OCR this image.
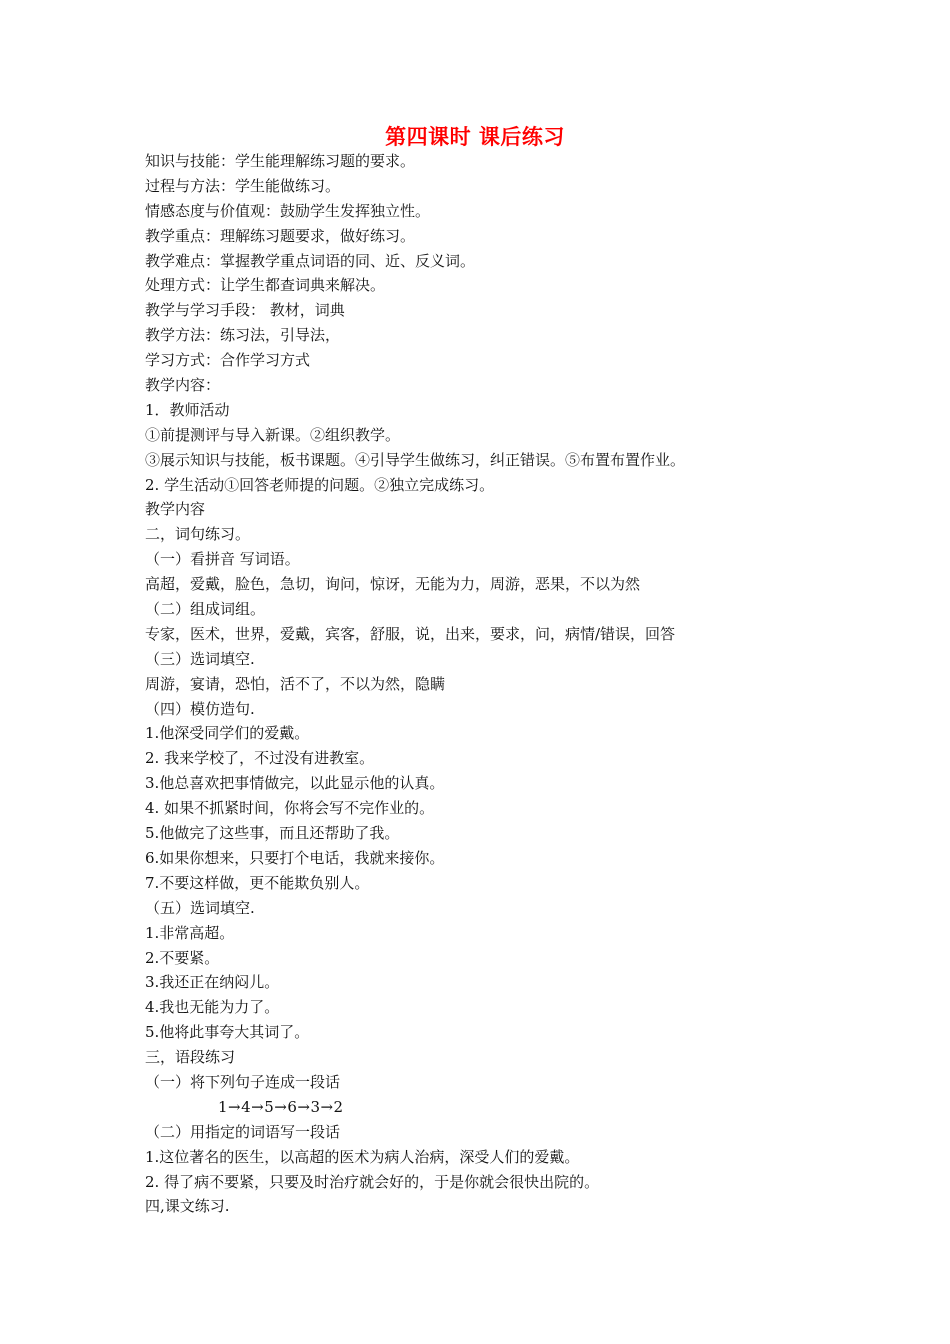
第四课时 课后练习
知识与技能：学生能理解练习题的要求。
过程与方法：学生能做练习。
情感态度与价值观：鼓励学生发挥独立性。
教学重点：理解练习题要求，做好练习。
教学难点：掌握教学重点词语的同、近、反义词。
处理方式：让学生都查词典来解决。
教学与学习手段： 教材，词典
教学方法：练习法，引导法，
学习方式：合作学习方式
教学内容：
1．教师活动
①前提测评与导入新课。②组织教学。
③展示知识与技能，板书课题。④引导学生做练习，纠正错误。⑤布置布置作业。
2. 学生活动①回答老师提的问题。②独立完成练习。
教学内容
二，词句练习。
（一）看拼音 写词语。
高超，爱戴，脸色，急切，询问，惊讶，无能为力，周游，恶果，不以为然
（二）组成词组。
专家，医术，世界，爱戴，宾客，舒服，说，出来，要求，问，病情/错误，回答
（三）选词填空.
周游，宴请，恐怕，活不了，不以为然，隐瞒
（四）模仿造句.
1.他深受同学们的爱戴。
2. 我来学校了，不过没有进教室。
3.他总喜欢把事情做完，以此显示他的认真。
4. 如果不抓紧时间，你将会写不完作业的。
5.他做完了这些事，而且还帮助了我。
6.如果你想来，只要打个电话，我就来接你。
7.不要这样做，更不能欺负别人。
（五）选词填空.
1.非常高超。
2.不要紧。
3.我还正在纳闷儿。
4.我也无能为力了。
5.他将此事夸大其词了。
三，语段练习
（一）将下列句子连成一段话
1→4→5→6→3→2
（二）用指定的词语写一段话
1.这位著名的医生，以高超的医术为病人治病，深受人们的爱戴。
2. 得了病不要紧，只要及时治疗就会好的，于是你就会很快出院的。
四,课文练习.
